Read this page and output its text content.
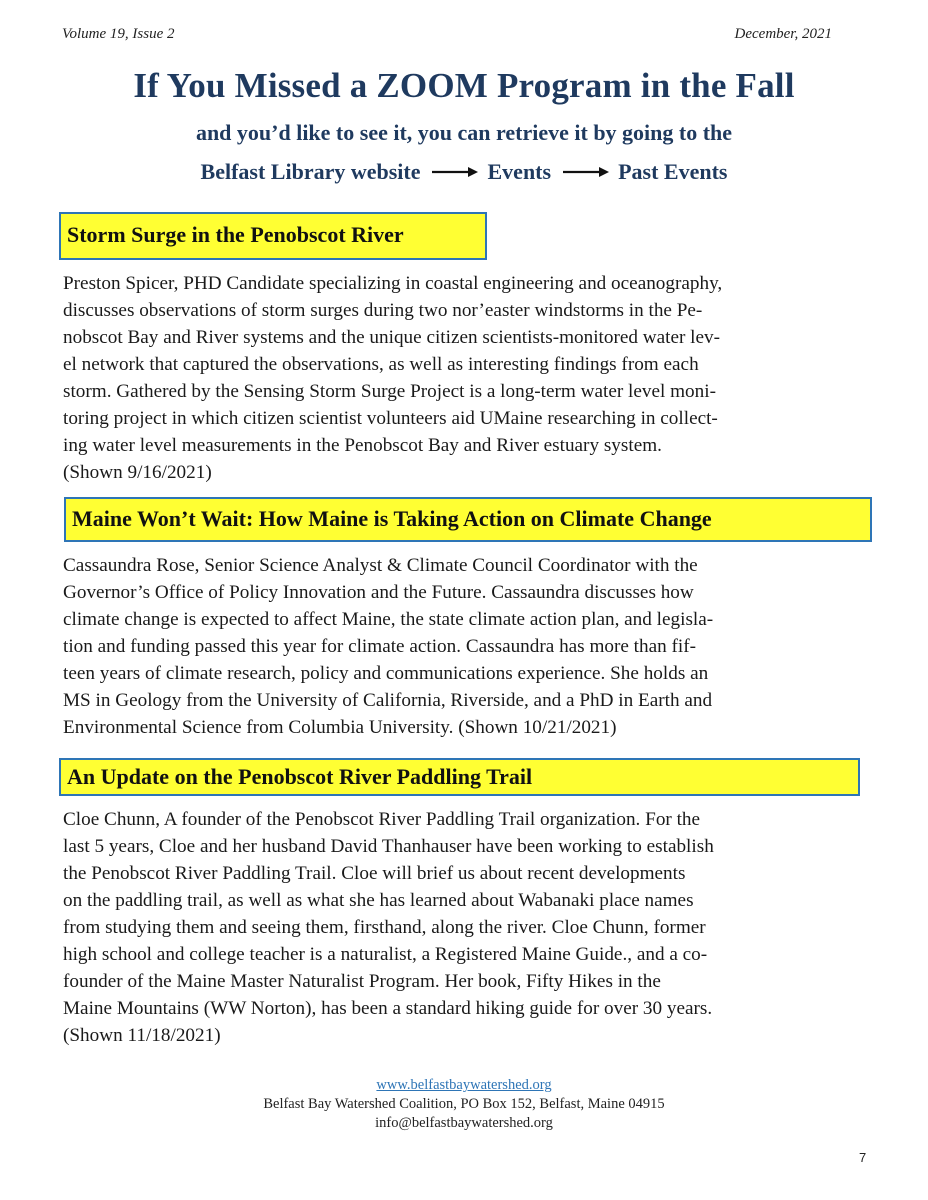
Volume 19, Issue 2	December, 2021
If You Missed a ZOOM Program in the Fall
and you’d like to see it, you can retrieve it by going to the
Belfast Library website	Events	Past Events
Storm Surge in the Penobscot River
Preston Spicer, PHD Candidate specializing in coastal engineering and oceanography,
discusses observations of storm surges during two nor’easter windstorms in the Pe-
nobscot Bay and River systems and the unique citizen scientists-monitored water lev-
el network that captured the observations, as well as interesting findings from each
storm. Gathered by the Sensing Storm Surge Project is a long-term water level moni-
toring project in which citizen scientist volunteers aid UMaine researching in collect-
ing water level measurements in the Penobscot Bay and River estuary system.
(Shown 9/16/2021)
Maine Won’t Wait: How Maine is Taking Action on Climate Change
Cassaundra Rose, Senior Science Analyst & Climate Council Coordinator with the
Governor’s Office of Policy Innovation and the Future. Cassaundra discusses how
climate change is expected to affect Maine, the state climate action plan, and legisla-
tion and funding passed this year for climate action. Cassaundra has more than fif-
teen years of climate research, policy and communications experience. She holds an
MS in Geology from the University of California, Riverside, and a PhD in Earth and
Environmental Science from Columbia University. (Shown 10/21/2021)
An Update on the Penobscot River Paddling Trail
Cloe Chunn, A founder of the Penobscot River Paddling Trail organization. For the
last 5 years, Cloe and her husband David Thanhauser have been working to establish
the Penobscot River Paddling Trail. Cloe will brief us about recent developments
on the paddling trail, as well as what she has learned about Wabanaki place names
from studying them and seeing them, firsthand, along the river. Cloe Chunn, former
high school and college teacher is a naturalist, a Registered Maine Guide., and a co-
founder of the Maine Master Naturalist Program. Her book, Fifty Hikes in the
Maine Mountains (WW Norton), has been a standard hiking guide for over 30 years.
(Shown 11/18/2021)
www.belfastbaywatershed.org
Belfast Bay Watershed Coalition, PO Box 152, Belfast, Maine 04915
info@belfastbaywatershed.org
7
